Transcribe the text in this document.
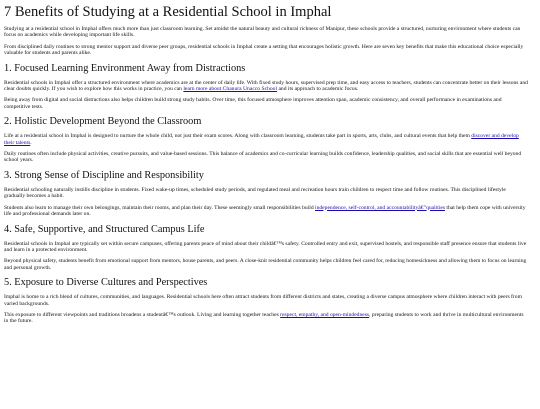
7 Benefits of Studying at a Residential School in Imphal

Studying at a residential school in Imphal offers much more than just classroom learning. Set amidst the natural beauty and cultural richness of Manipur, these schools provide a structured, nurturing environment where students can focus on academics while developing important life skills.

From disciplined daily routines to strong mentor support and diverse peer groups, residential schools in Imphal create a setting that encourages holistic growth. Here are seven key benefits that make this educational choice especially valuable for students and parents alike.

1. Focused Learning Environment Away from Distractions

Residential schools in Imphal offer a structured environment where academics are at the center of daily life. With fixed study hours, supervised prep time, and easy access to teachers, students can concentrate better on their lessons and clear doubts quickly. If you wish to explore how this works in practice, you can learn more about Chanura Unacco School and its approach to academic focus.

Being away from digital and social distractions also helps children build strong study habits. Over time, this focused atmosphere improves attention span, academic consistency, and overall performance in examinations and competitive tests.

2. Holistic Development Beyond the Classroom

Life at a residential school in Imphal is designed to nurture the whole child, not just their exam scores. Along with classroom learning, students take part in sports, arts, clubs, and cultural events that help them discover and develop their talents.

Daily routines often include physical activities, creative pursuits, and value-based sessions. This balance of academics and co-curricular learning builds confidence, leadership qualities, and social skills that are essential well beyond school years.

3. Strong Sense of Discipline and Responsibility

Residential schooling naturally instills discipline in students. Fixed wake-up times, scheduled study periods, and regulated meal and recreation hours train children to respect time and follow routines. This disciplined lifestyle gradually becomes a habit.

Students also learn to manage their own belongings, maintain their rooms, and plan their day. These seemingly small responsibilities build independence, self-control, and accountabilityâ€”qualities that help them cope with university life and professional demands later on.

4. Safe, Supportive, and Structured Campus Life

Residential schools in Imphal are typically set within secure campuses, offering parents peace of mind about their childâ€™s safety. Controlled entry and exit, supervised hostels, and responsible staff presence ensure that students live and learn in a protected environment.

Beyond physical safety, students benefit from emotional support from mentors, house parents, and peers. A close-knit residential community helps children feel cared for, reducing homesickness and allowing them to focus on learning and personal growth.

5. Exposure to Diverse Cultures and Perspectives

Imphal is home to a rich blend of cultures, communities, and languages. Residential schools here often attract students from different districts and states, creating a diverse campus atmosphere where children interact with peers from varied backgrounds.

This exposure to different viewpoints and traditions broadens a studentâ€™s outlook. Living and learning together teaches respect, empathy, and open-mindedness, preparing students to work and thrive in multicultural environments in the future.
